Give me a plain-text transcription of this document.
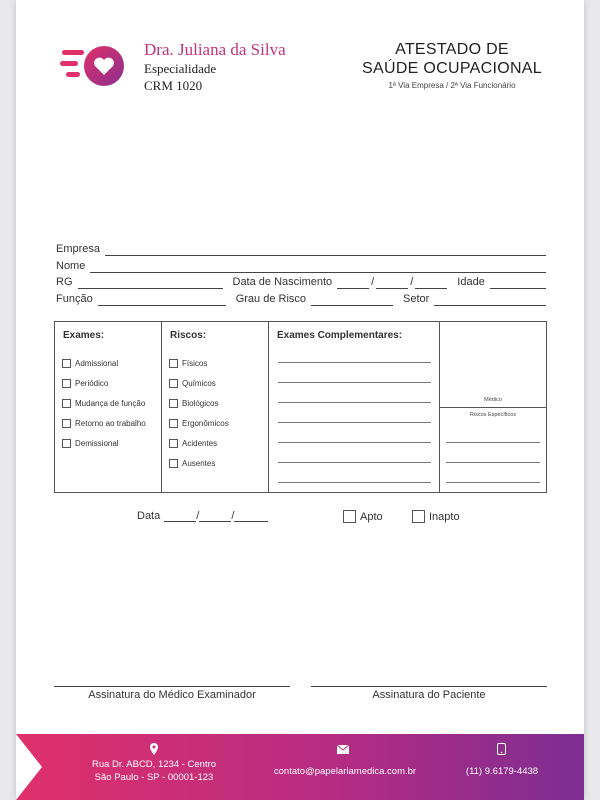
Dra. Juliana da Silva
Especialidade
CRM 1020
ATESTADO DE
SAÚDE OCUPACIONAL
1ª Via Empresa / 2ª Via Funcionário
Empresa
Nome
RG	Data de Nascimento	/	/	Idade
Função	Grau de Risco	Setor
Exames:
Admissional
Periódico
Mudança de função
Retorno ao trabalho
Demissional
Riscos:
Físicos
Químicos
Biológicos
Ergonômicos
Acidentes
Ausentes
Exames Complementares:
Médico
Riscos Específicos
Data	/	/	Apto	Inapto
Assinatura do Médico Examinador	Assinatura do Paciente
Rua Dr. ABCD, 1234 - Centro
São Paulo - SP - 00001-123
contato@papelariamedica.com.br	(11) 9.6179-4438
